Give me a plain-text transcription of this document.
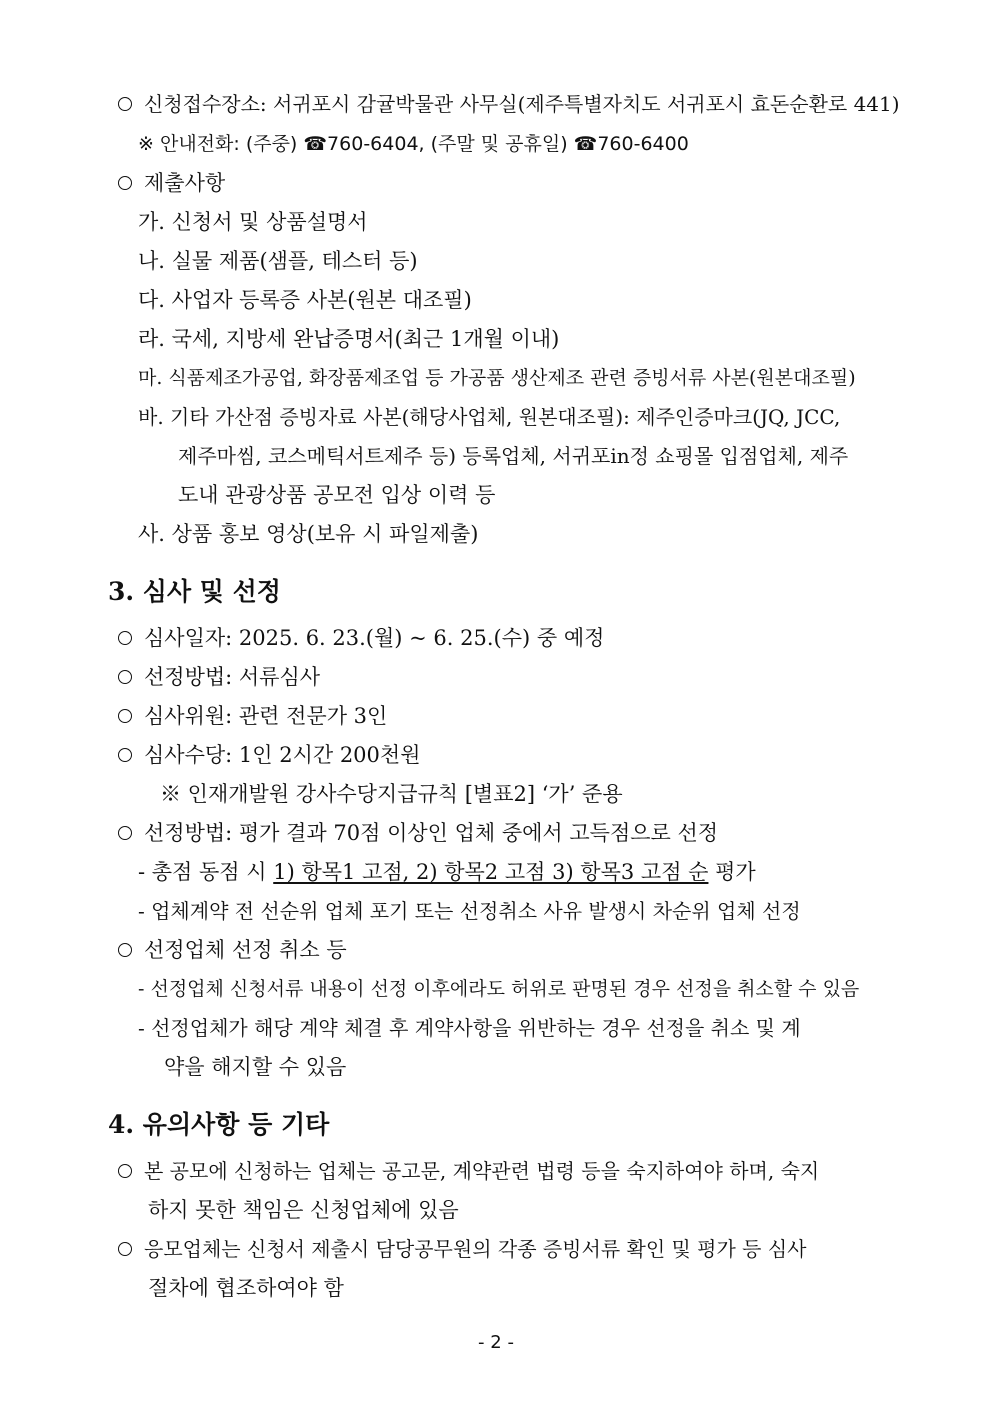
신청접수장소: 서귀포시 감귤박물관 사무실(제주특별자치도 서귀포시 효돈순환로 441)
※ 안내전화: (주중) ☎760-6404, (주말 및 공휴일) ☎760-6400
제출사항
가. 신청서 및 상품설명서
나. 실물 제품(샘플, 테스터 등)
다. 사업자 등록증 사본(원본 대조필)
라. 국세, 지방세 완납증명서(최근 1개월 이내)
마. 식품제조가공업, 화장품제조업 등 가공품 생산제조 관련 증빙서류 사본(원본대조필)
바. 기타 가산점 증빙자료 사본(해당사업체, 원본대조필): 제주인증마크(JQ, JCC,
제주마씸, 코스메틱서트제주 등) 등록업체, 서귀포in정 쇼핑몰 입점업체, 제주
도내 관광상품 공모전 입상 이력 등
사. 상품 홍보 영상(보유 시 파일제출)
3. 심사 및 선정
심사일자: 2025. 6. 23.(월) ~ 6. 25.(수) 중 예정
선정방법: 서류심사
심사위원: 관련 전문가 3인
심사수당: 1인 2시간 200천원
※ 인재개발원 강사수당지급규칙 [별표2] ‘가’ 준용
선정방법: 평가 결과 70점 이상인 업체 중에서 고득점으로 선정
- 총점 동점 시 1) 항목1 고점, 2) 항목2 고점 3) 항목3 고점 순 평가
- 업체계약 전 선순위 업체 포기 또는 선정취소 사유 발생시 차순위 업체 선정
선정업체 선정 취소 등
- 선정업체 신청서류 내용이 선정 이후에라도 허위로 판명된 경우 선정을 취소할 수 있음
- 선정업체가 해당 계약 체결 후 계약사항을 위반하는 경우 선정을 취소 및 계
약을 해지할 수 있음
4. 유의사항 등 기타
본 공모에 신청하는 업체는 공고문, 계약관련 법령 등을 숙지하여야 하며, 숙지
하지 못한 책임은 신청업체에 있음
응모업체는 신청서 제출시 담당공무원의 각종 증빙서류 확인 및 평가 등 심사
절차에 협조하여야 함
- 2 -
